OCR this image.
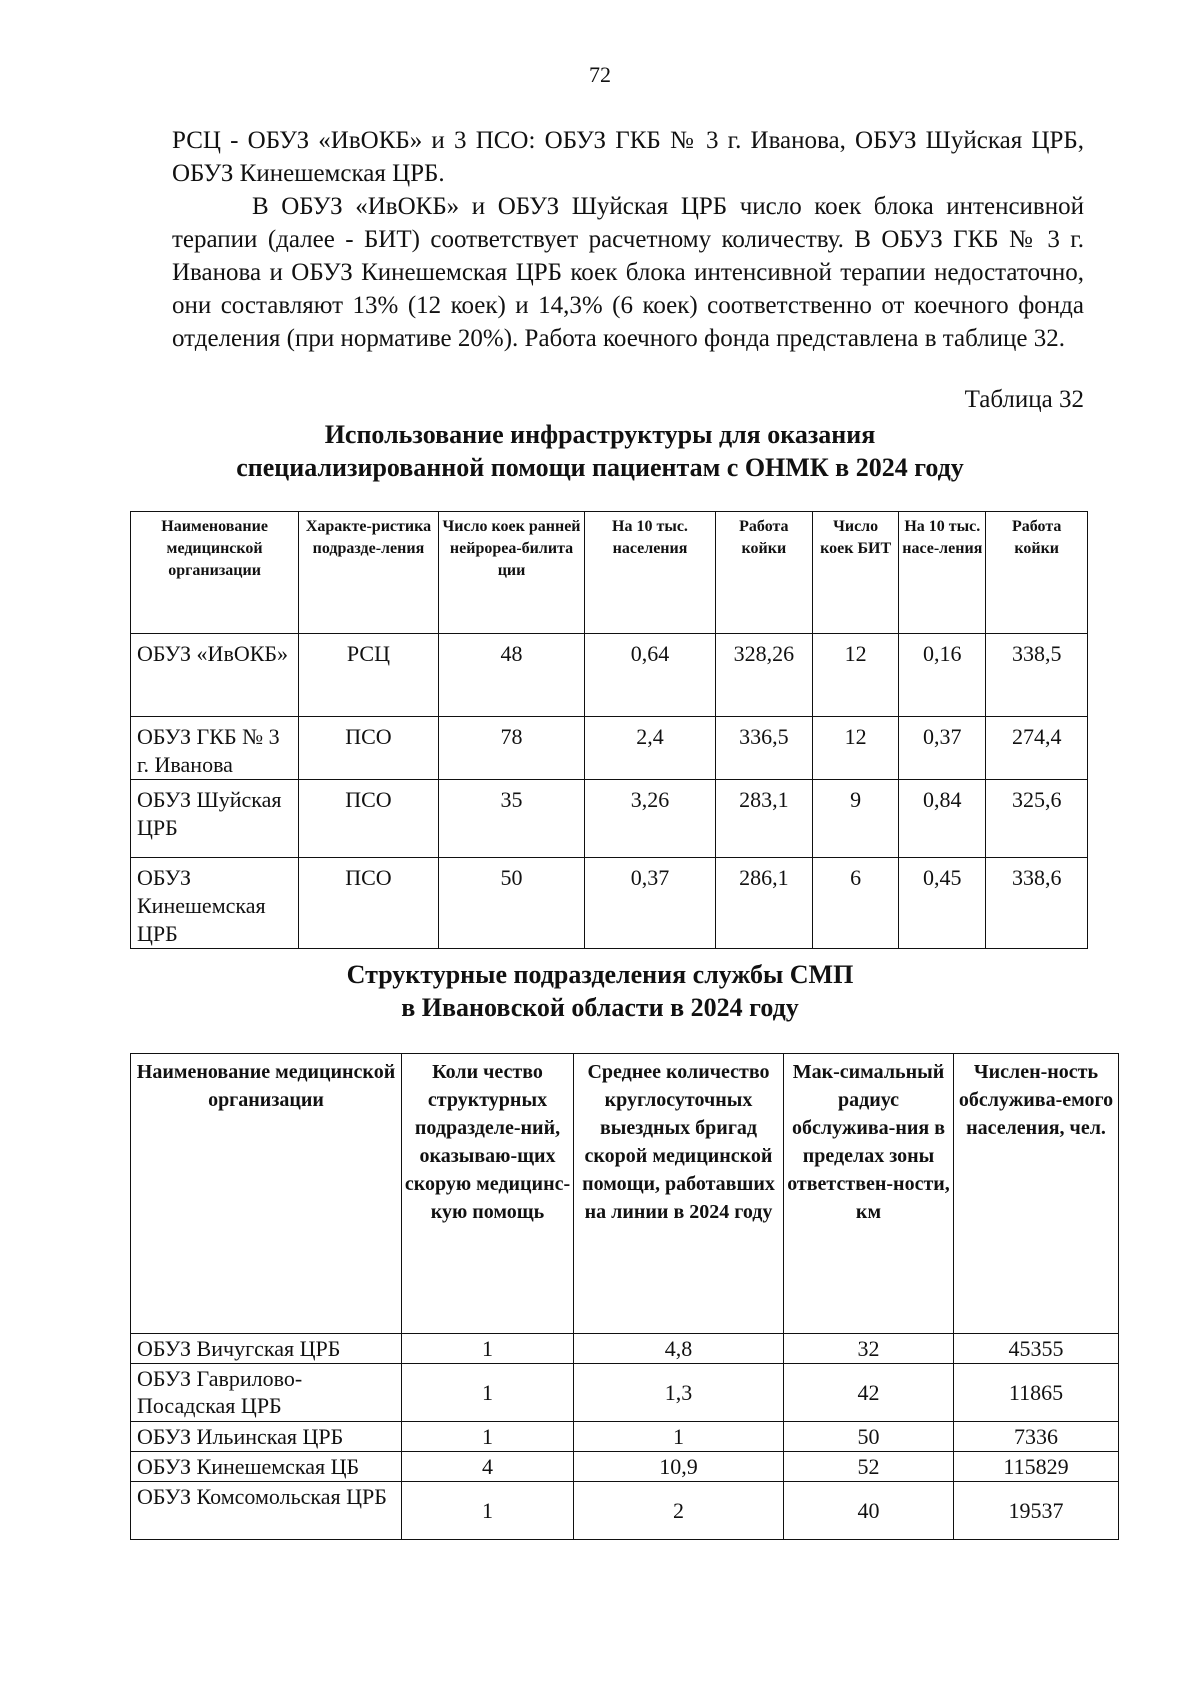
72

РСЦ - ОБУЗ «ИвОКБ» и 3 ПСО: ОБУЗ ГКБ № 3 г. Иванова, ОБУЗ Шуйская ЦРБ, ОБУЗ Кинешемская ЦРБ.

В ОБУЗ «ИвОКБ» и ОБУЗ Шуйская ЦРБ число коек блока интенсивной терапии (далее - БИТ) соответствует расчетному количеству. В ОБУЗ ГКБ № 3 г. Иванова и ОБУЗ Кинешемская ЦРБ коек блока интенсивной терапии недостаточно, они составляют 13% (12 коек) и 14,3% (6 коек) соответственно от коечного фонда отделения (при нормативе 20%). Работа коечного фонда представлена в таблице 32.

Таблица 32
Использование инфраструктуры для оказания
специализированной помощи пациентам с ОНМК в 2024 году
Наименование медицинской организации	Характе-ристика подразде-ления	Число коек ранней нейрореа-билита ции	На 10 тыс. населения	Работа койки	Число коек БИТ	На 10 тыс. насе-ления	Работа койки
ОБУЗ «ИвОКБ»	РСЦ	48	0,64	328,26	12	0,16	338,5
ОБУЗ ГКБ № 3 г. Иванова	ПСО	78	2,4	336,5	12	0,37	274,4
ОБУЗ Шуйская ЦРБ	ПСО	35	3,26	283,1	9	0,84	325,6
ОБУЗ Кинешемская ЦРБ	ПСО	50	0,37	286,1	6	0,45	338,6
Структурные подразделения службы СМП
в Ивановской области в 2024 году
Наименование медицинской организации	Коли чество структурных подразделе-ний, оказываю-щих скорую медицинс-кую помощь	Среднее количество круглосуточных выездных бригад скорой медицинской помощи, работавших на линии в 2024 году	Мак-симальный радиус обслужива-ния в пределах зоны ответствен-ности, км	Числен-ность обслужива-емого населения, чел.
ОБУЗ Вичугская ЦРБ	1	4,8	32	45355
ОБУЗ Гаврилово-Посадская ЦРБ	1	1,3	42	11865
ОБУЗ Ильинская ЦРБ	1	1	50	7336
ОБУЗ Кинешемская ЦБ	4	10,9	52	115829
ОБУЗ Комсомольская ЦРБ	1	2	40	19537
